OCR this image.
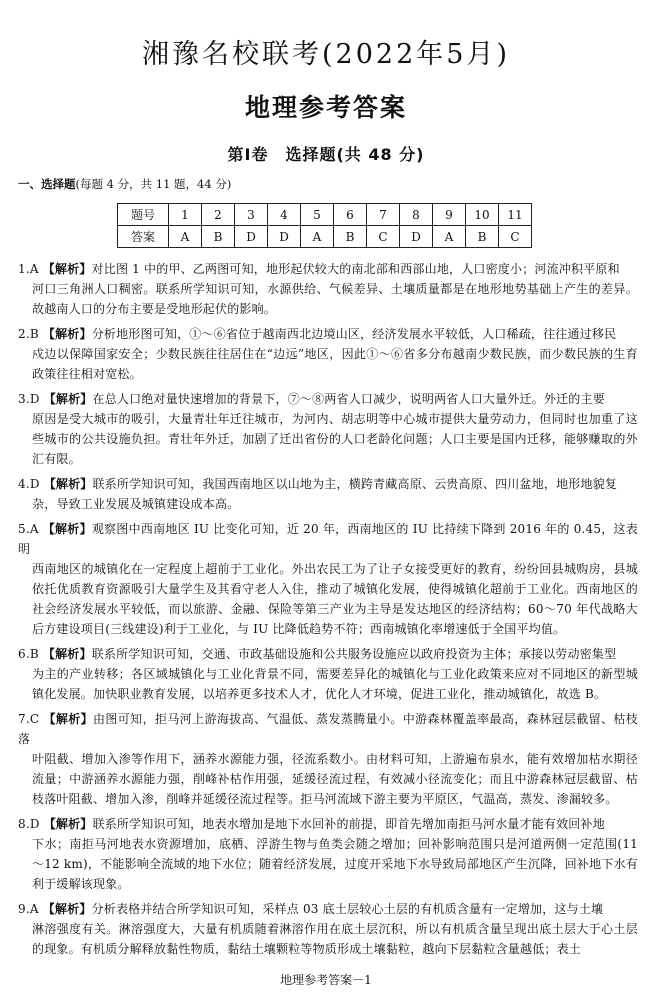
湘豫名校联考(2022年5月)
地理参考答案
第Ⅰ卷　选择题(共 48 分)
一、选择题(每题 4 分，共 11 题，44 分)
题号	1	2	3	4	5	6	7	8	9	10	11
答案	A	B	D	D	A	B	C	D	A	B	C
1.A 【解析】对比图 1 中的甲、乙两图可知，地形起伏较大的南北部和西部山地，人口密度小；河流冲积平原和
河口三角洲人口稠密。联系所学知识可知，水源供给、气候差异、土壤质量都是在地形地势基础上产生的差异。故越南人口的分布主要是受地形起伏的影响。
2.B 【解析】分析地形图可知，①～⑥省位于越南西北边境山区，经济发展水平较低，人口稀疏，往往通过移民
戍边以保障国家安全；少数民族往往居住在“边远”地区，因此①～⑥省多分布越南少数民族，而少数民族的生育政策往往相对宽松。
3.D 【解析】在总人口绝对量快速增加的背景下，⑦～⑧两省人口减少，说明两省人口大量外迁。外迁的主要
原因是受大城市的吸引，大量青壮年迁往城市，为河内、胡志明等中心城市提供大量劳动力，但同时也加重了这些城市的公共设施负担。青壮年外迁，加剧了迁出省份的人口老龄化问题；人口主要是国内迁移，能够赚取的外汇有限。
4.D 【解析】联系所学知识可知，我国西南地区以山地为主，横跨青藏高原、云贵高原、四川盆地，地形地貌复
杂，导致工业发展及城镇建设成本高。
5.A 【解析】观察图中西南地区 IU 比变化可知，近 20 年，西南地区的 IU 比持续下降到 2016 年的 0.45，这表明
西南地区的城镇化在一定程度上超前于工业化。外出农民工为了让子女接受更好的教育，纷纷回县城购房，县城依托优质教育资源吸引大量学生及其看守老人入住，推动了城镇化发展，使得城镇化超前于工业化。西南地区的社会经济发展水平较低，而以旅游、金融、保险等第三产业为主导是发达地区的经济结构；60～70 年代战略大后方建设项目(三线建设)利于工业化，与 IU 比降低趋势不符；西南城镇化率增速低于全国平均值。
6.B 【解析】联系所学知识可知，交通、市政基础设施和公共服务设施应以政府投资为主体；承接以劳动密集型
为主的产业转移；各区域城镇化与工业化背景不同，需要差异化的城镇化与工业化政策来应对不同地区的新型城镇化发展。加快职业教育发展，以培养更多技术人才，优化人才环境，促进工业化，推动城镇化，故选 B。
7.C 【解析】由图可知，拒马河上游海拔高、气温低、蒸发蒸腾量小。中游森林覆盖率最高，森林冠层截留、枯枝落
叶阻截、增加入渗等作用下，涵养水源能力强，径流系数小。由材料可知，上游遍布泉水，能有效增加枯水期径流量；中游涵养水源能力强，削峰补枯作用强，延缓径流过程，有效减小径流变化；而且中游森林冠层截留、枯枝落叶阻截、增加入渗，削峰并延缓径流过程等。拒马河流域下游主要为平原区，气温高，蒸发、渗漏较多。
8.D 【解析】联系所学知识可知，地表水增加是地下水回补的前提，即首先增加南拒马河水量才能有效回补地
下水；南拒马河地表水资源增加，底栖、浮游生物与鱼类会随之增加；回补影响范围只是河道两侧一定范围(11～12 km)，不能影响全流域的地下水位；随着经济发展，过度开采地下水导致局部地区产生沉降，回补地下水有利于缓解该现象。
9.A 【解析】分析表格并结合所学知识可知，采样点 03 底土层较心土层的有机质含量有一定增加，这与土壤
淋溶强度有关。淋溶强度大，大量有机质随着淋溶作用在底土层沉积，所以有机质含量呈现出底土层大于心土层的现象。有机质分解释放黏性物质，黏结土壤颗粒等物质形成土壤黏粒，越向下层黏粒含量越低；表土
地理参考答案－1
